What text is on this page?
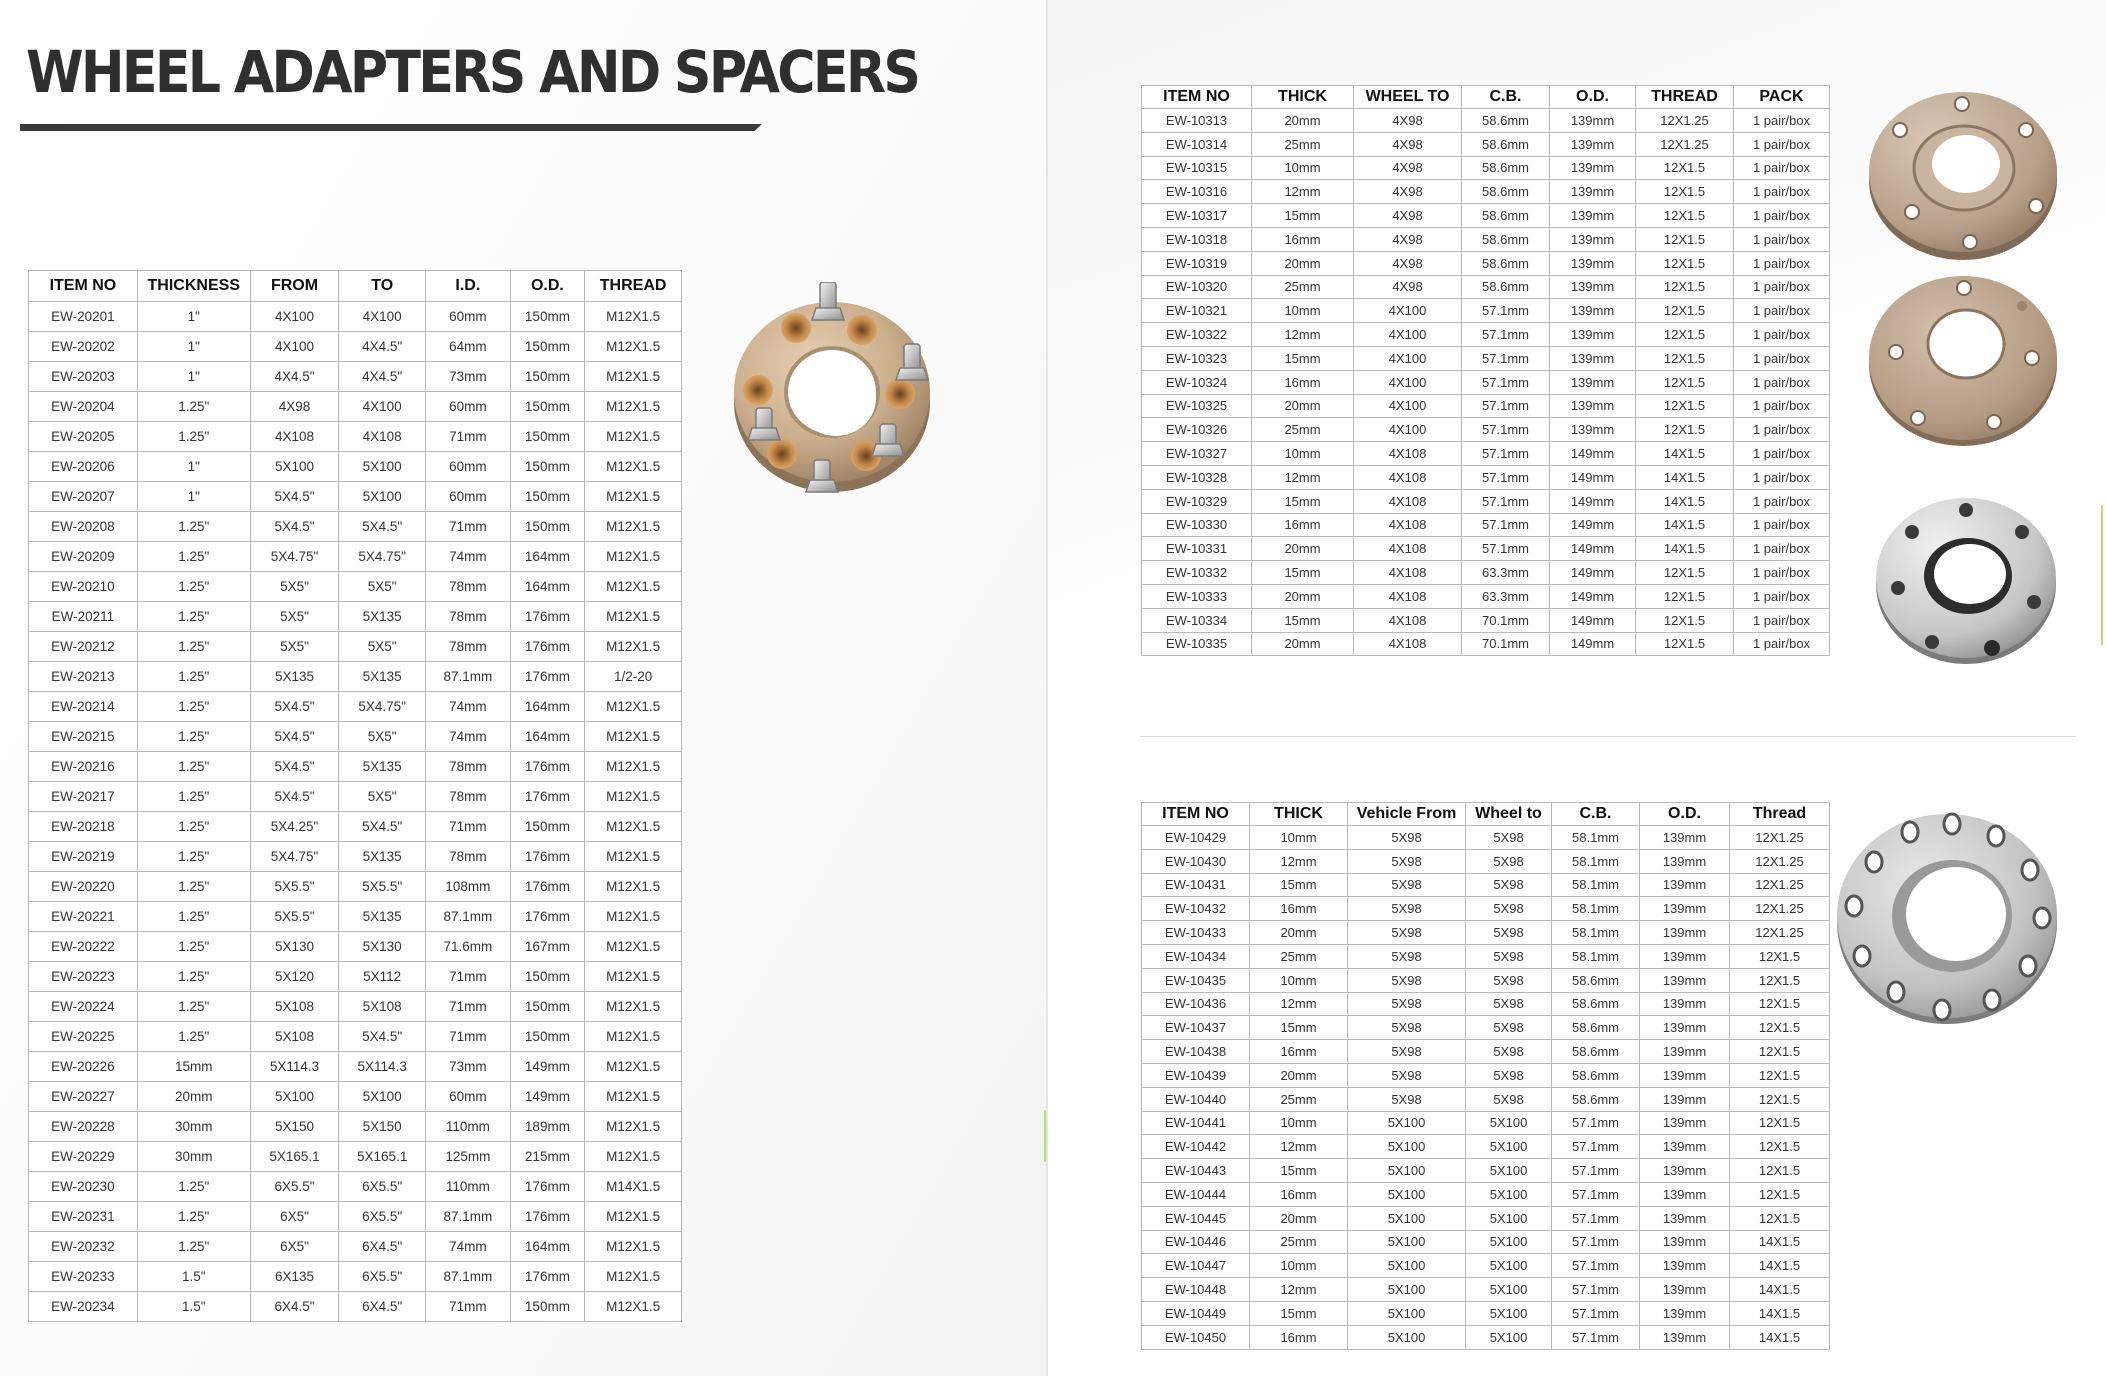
WHEEL ADAPTERS AND SPACERS
ITEM NO	THICKNESS	FROM	TO	I.D.	O.D.	THREAD
EW-20201	1"	4X100	4X100	60mm	150mm	M12X1.5
EW-20202	1"	4X100	4X4.5"	64mm	150mm	M12X1.5
EW-20203	1"	4X4.5"	4X4.5"	73mm	150mm	M12X1.5
EW-20204	1.25"	4X98	4X100	60mm	150mm	M12X1.5
EW-20205	1.25"	4X108	4X108	71mm	150mm	M12X1.5
EW-20206	1"	5X100	5X100	60mm	150mm	M12X1.5
EW-20207	1"	5X4.5"	5X100	60mm	150mm	M12X1.5
EW-20208	1.25"	5X4.5"	5X4.5"	71mm	150mm	M12X1.5
EW-20209	1.25"	5X4.75"	5X4.75"	74mm	164mm	M12X1.5
EW-20210	1.25"	5X5"	5X5"	78mm	164mm	M12X1.5
EW-20211	1.25"	5X5"	5X135	78mm	176mm	M12X1.5
EW-20212	1.25"	5X5"	5X5"	78mm	176mm	M12X1.5
EW-20213	1.25"	5X135	5X135	87.1mm	176mm	1/2-20
EW-20214	1.25"	5X4.5"	5X4.75"	74mm	164mm	M12X1.5
EW-20215	1.25"	5X4.5"	5X5"	74mm	164mm	M12X1.5
EW-20216	1.25"	5X4.5"	5X135	78mm	176mm	M12X1.5
EW-20217	1.25"	5X4.5"	5X5"	78mm	176mm	M12X1.5
EW-20218	1.25"	5X4.25"	5X4.5"	71mm	150mm	M12X1.5
EW-20219	1.25"	5X4.75"	5X135	78mm	176mm	M12X1.5
EW-20220	1.25"	5X5.5"	5X5.5"	108mm	176mm	M12X1.5
EW-20221	1.25"	5X5.5"	5X135	87.1mm	176mm	M12X1.5
EW-20222	1.25"	5X130	5X130	71.6mm	167mm	M12X1.5
EW-20223	1.25"	5X120	5X112	71mm	150mm	M12X1.5
EW-20224	1.25"	5X108	5X108	71mm	150mm	M12X1.5
EW-20225	1.25"	5X108	5X4.5"	71mm	150mm	M12X1.5
EW-20226	15mm	5X114.3	5X114.3	73mm	149mm	M12X1.5
EW-20227	20mm	5X100	5X100	60mm	149mm	M12X1.5
EW-20228	30mm	5X150	5X150	110mm	189mm	M12X1.5
EW-20229	30mm	5X165.1	5X165.1	125mm	215mm	M12X1.5
EW-20230	1.25"	6X5.5"	6X5.5"	110mm	176mm	M14X1.5
EW-20231	1.25"	6X5"	6X5.5"	87.1mm	176mm	M12X1.5
EW-20232	1.25"	6X5"	6X4.5"	74mm	164mm	M12X1.5
EW-20233	1.5"	6X135	6X5.5"	87.1mm	176mm	M12X1.5
EW-20234	1.5"	6X4.5"	6X4.5"	71mm	150mm	M12X1.5
ITEM NO	THICK	WHEEL TO	C.B.	O.D.	THREAD	PACK
EW-10313	20mm	4X98	58.6mm	139mm	12X1.25	1 pair/box
EW-10314	25mm	4X98	58.6mm	139mm	12X1.25	1 pair/box
EW-10315	10mm	4X98	58.6mm	139mm	12X1.5	1 pair/box
EW-10316	12mm	4X98	58.6mm	139mm	12X1.5	1 pair/box
EW-10317	15mm	4X98	58.6mm	139mm	12X1.5	1 pair/box
EW-10318	16mm	4X98	58.6mm	139mm	12X1.5	1 pair/box
EW-10319	20mm	4X98	58.6mm	139mm	12X1.5	1 pair/box
EW-10320	25mm	4X98	58.6mm	139mm	12X1.5	1 pair/box
EW-10321	10mm	4X100	57.1mm	139mm	12X1.5	1 pair/box
EW-10322	12mm	4X100	57.1mm	139mm	12X1.5	1 pair/box
EW-10323	15mm	4X100	57.1mm	139mm	12X1.5	1 pair/box
EW-10324	16mm	4X100	57.1mm	139mm	12X1.5	1 pair/box
EW-10325	20mm	4X100	57.1mm	139mm	12X1.5	1 pair/box
EW-10326	25mm	4X100	57.1mm	139mm	12X1.5	1 pair/box
EW-10327	10mm	4X108	57.1mm	149mm	14X1.5	1 pair/box
EW-10328	12mm	4X108	57.1mm	149mm	14X1.5	1 pair/box
EW-10329	15mm	4X108	57.1mm	149mm	14X1.5	1 pair/box
EW-10330	16mm	4X108	57.1mm	149mm	14X1.5	1 pair/box
EW-10331	20mm	4X108	57.1mm	149mm	14X1.5	1 pair/box
EW-10332	15mm	4X108	63.3mm	149mm	12X1.5	1 pair/box
EW-10333	20mm	4X108	63.3mm	149mm	12X1.5	1 pair/box
EW-10334	15mm	4X108	70.1mm	149mm	12X1.5	1 pair/box
EW-10335	20mm	4X108	70.1mm	149mm	12X1.5	1 pair/box
ITEM NO	THICK	Vehicle From	Wheel to	C.B.	O.D.	Thread
EW-10429	10mm	5X98	5X98	58.1mm	139mm	12X1.25
EW-10430	12mm	5X98	5X98	58.1mm	139mm	12X1.25
EW-10431	15mm	5X98	5X98	58.1mm	139mm	12X1.25
EW-10432	16mm	5X98	5X98	58.1mm	139mm	12X1.25
EW-10433	20mm	5X98	5X98	58.1mm	139mm	12X1.25
EW-10434	25mm	5X98	5X98	58.1mm	139mm	12X1.5
EW-10435	10mm	5X98	5X98	58.6mm	139mm	12X1.5
EW-10436	12mm	5X98	5X98	58.6mm	139mm	12X1.5
EW-10437	15mm	5X98	5X98	58.6mm	139mm	12X1.5
EW-10438	16mm	5X98	5X98	58.6mm	139mm	12X1.5
EW-10439	20mm	5X98	5X98	58.6mm	139mm	12X1.5
EW-10440	25mm	5X98	5X98	58.6mm	139mm	12X1.5
EW-10441	10mm	5X100	5X100	57.1mm	139mm	12X1.5
EW-10442	12mm	5X100	5X100	57.1mm	139mm	12X1.5
EW-10443	15mm	5X100	5X100	57.1mm	139mm	12X1.5
EW-10444	16mm	5X100	5X100	57.1mm	139mm	12X1.5
EW-10445	20mm	5X100	5X100	57.1mm	139mm	12X1.5
EW-10446	25mm	5X100	5X100	57.1mm	139mm	14X1.5
EW-10447	10mm	5X100	5X100	57.1mm	139mm	14X1.5
EW-10448	12mm	5X100	5X100	57.1mm	139mm	14X1.5
EW-10449	15mm	5X100	5X100	57.1mm	139mm	14X1.5
EW-10450	16mm	5X100	5X100	57.1mm	139mm	14X1.5
